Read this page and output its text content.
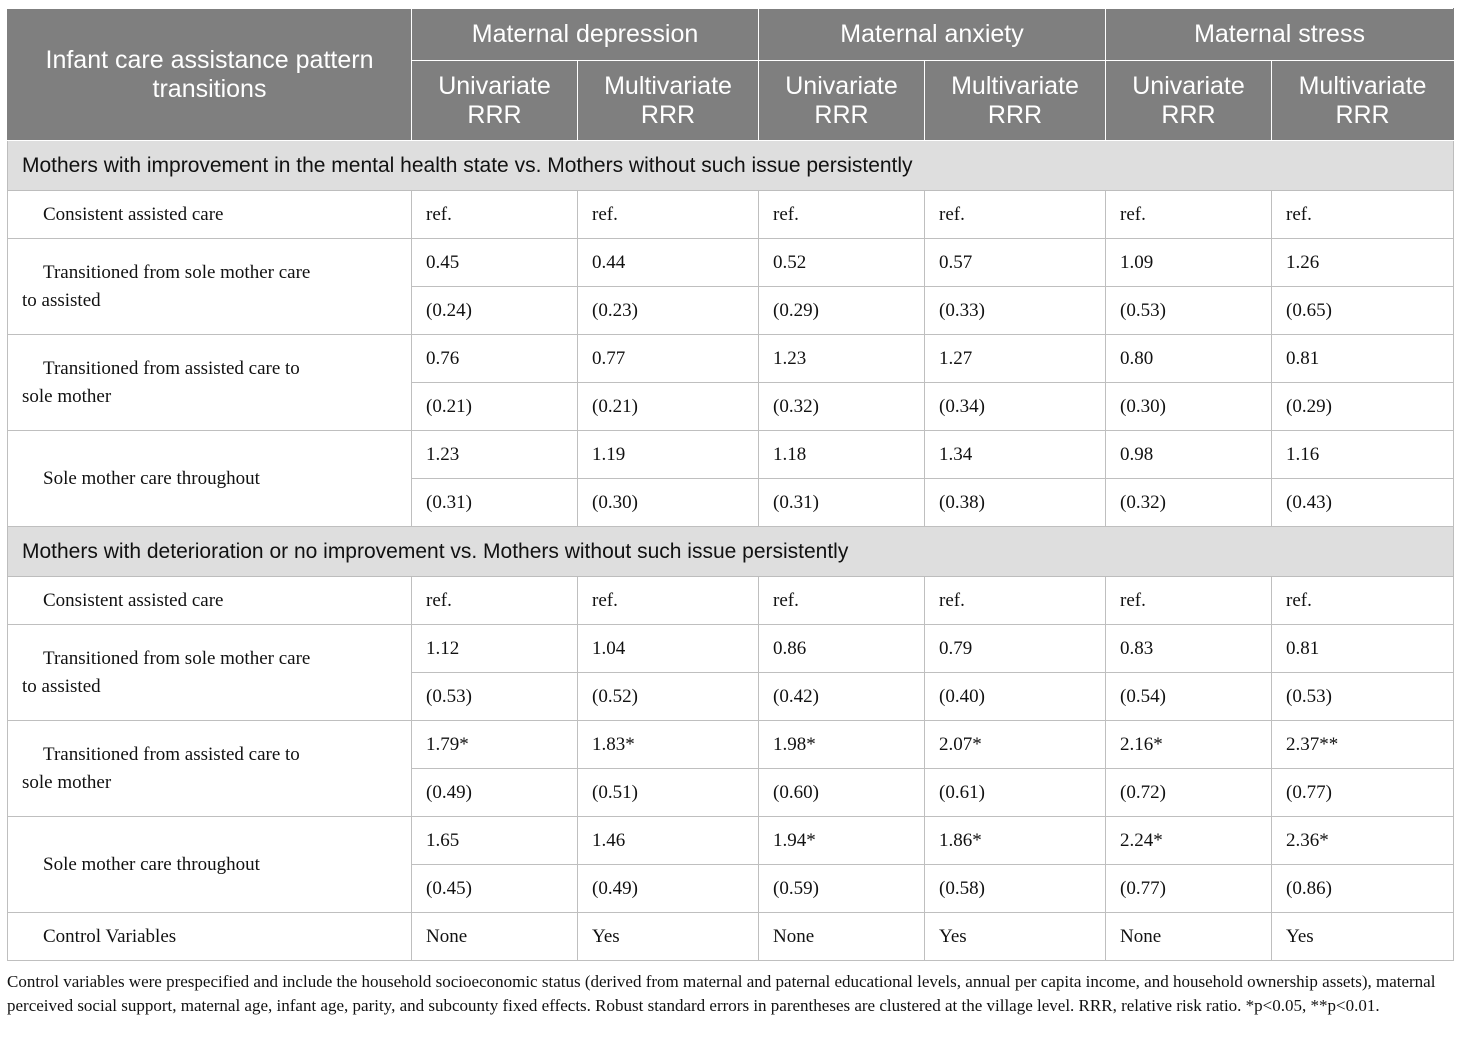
Infant care assistance pattern transitions	Maternal depression		Maternal anxiety		Maternal stress	
	Univariate RRR	Multivariate RRR	Univariate RRR	Multivariate RRR	Univariate RRR	Multivariate RRR
Mothers with improvement in the mental health state vs. Mothers without such issue persistently						
Consistent assisted care	ref.	ref.	ref.	ref.	ref.	ref.
Transitioned from sole mother care
to assisted	0.45	0.44	0.52	0.57	1.09	1.26
	(0.24)	(0.23)	(0.29)	(0.33)	(0.53)	(0.65)
Transitioned from assisted care to
sole mother	0.76	0.77	1.23	1.27	0.80	0.81
	(0.21)	(0.21)	(0.32)	(0.34)	(0.30)	(0.29)
Sole mother care throughout	1.23	1.19	1.18	1.34	0.98	1.16
	(0.31)	(0.30)	(0.31)	(0.38)	(0.32)	(0.43)
Mothers with deterioration or no improvement vs. Mothers without such issue persistently						
Consistent assisted care	ref.	ref.	ref.	ref.	ref.	ref.
Transitioned from sole mother care
to assisted	1.12	1.04	0.86	0.79	0.83	0.81
	(0.53)	(0.52)	(0.42)	(0.40)	(0.54)	(0.53)
Transitioned from assisted care to
sole mother	1.79*	1.83*	1.98*	2.07*	2.16*	2.37**
	(0.49)	(0.51)	(0.60)	(0.61)	(0.72)	(0.77)
Sole mother care throughout	1.65	1.46	1.94*	1.86*	2.24*	2.36*
	(0.45)	(0.49)	(0.59)	(0.58)	(0.77)	(0.86)
Control Variables	None	Yes	None	Yes	None	Yes
Control variables were prespecified and include the household socioeconomic status (derived from maternal and paternal educational levels, annual per capita income, and household ownership assets), maternal perceived social support, maternal age, infant age, parity, and subcounty fixed effects. Robust standard errors in parentheses are clustered at the village level. RRR, relative risk ratio. *p<0.05, **p<0.01.
